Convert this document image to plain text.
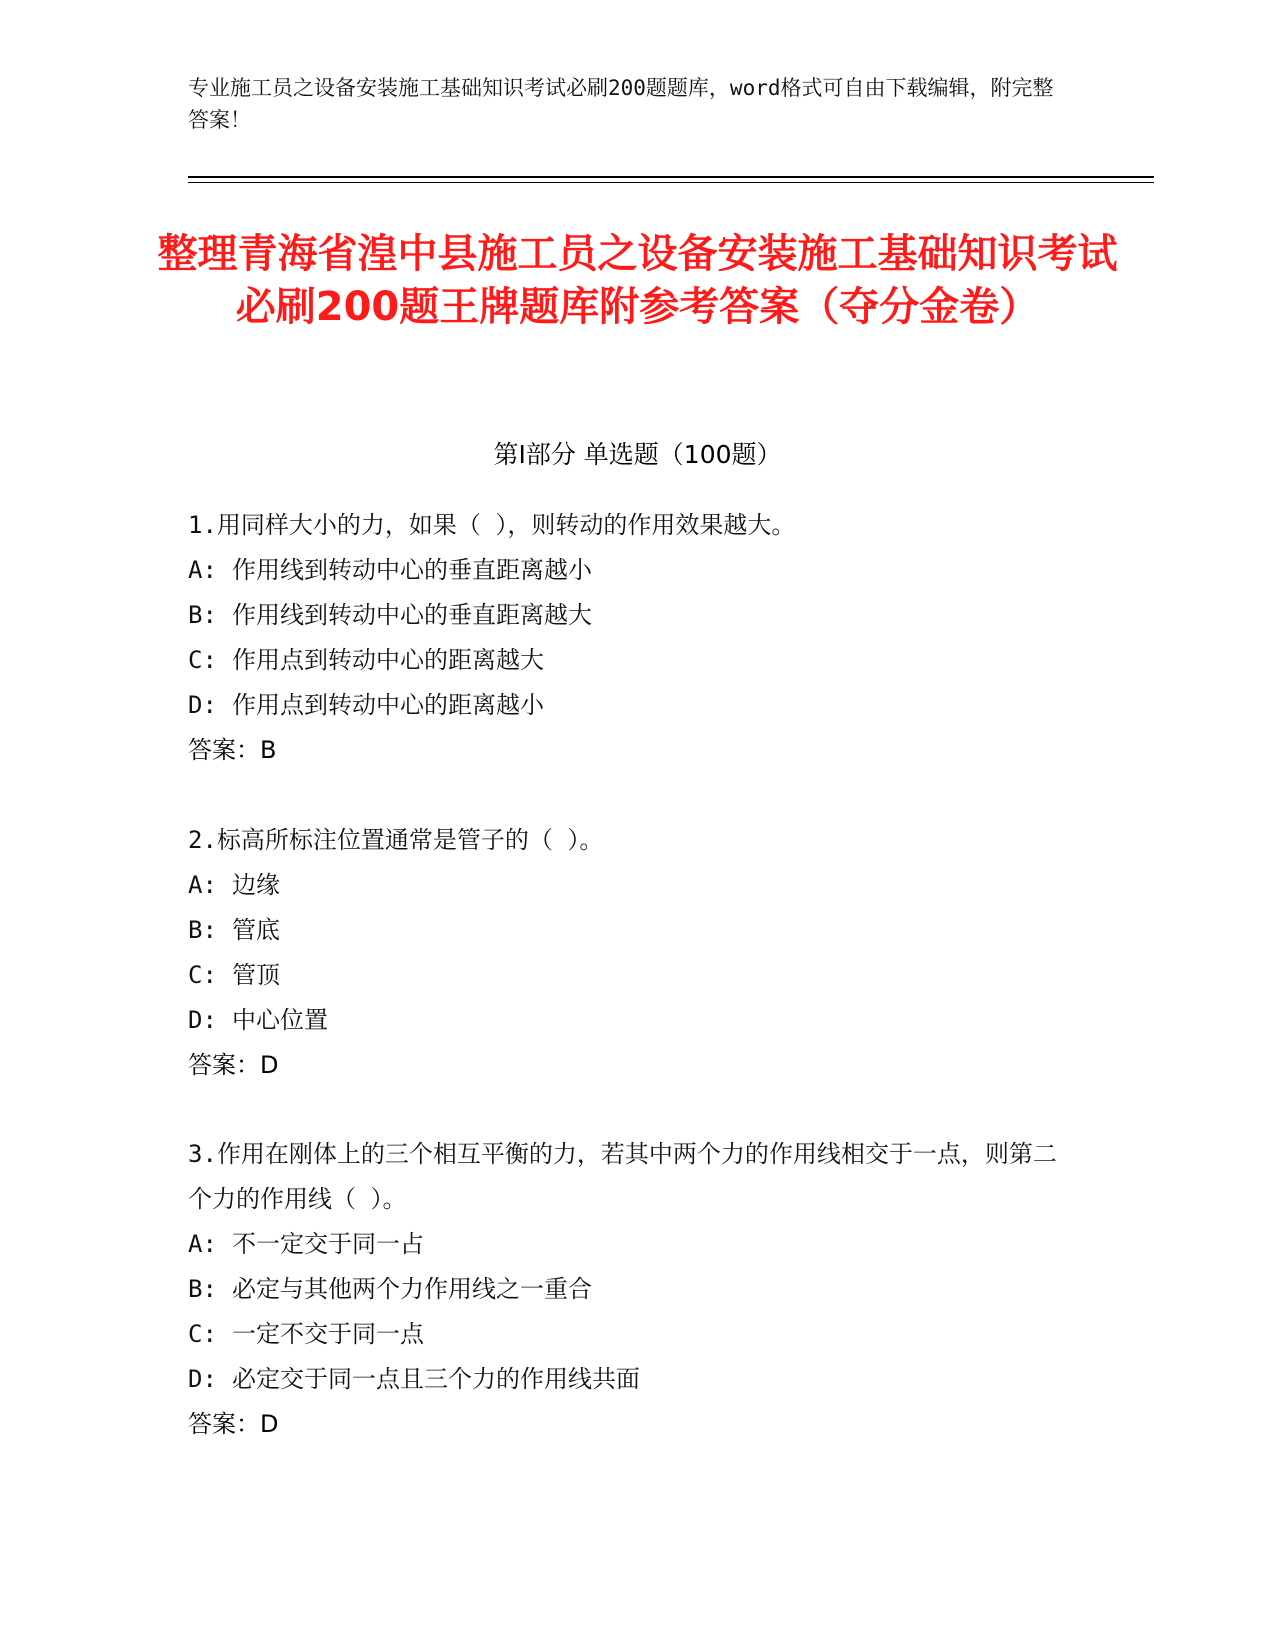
专业施工员之设备安装施工基础知识考试必刷200题题库，word格式可自由下载编辑，附完整答案！
整理青海省湟中县施工员之设备安装施工基础知识考试必刷200题王牌题库附参考答案（夺分金卷）
第Ⅰ部分 单选题（100题）
1.用同样大小的力，如果（ ），则转动的作用效果越大。
A: 作用线到转动中心的垂直距离越小
B: 作用线到转动中心的垂直距离越大
C: 作用点到转动中心的距离越大
D: 作用点到转动中心的距离越小
答案：B
2.标高所标注位置通常是管子的（ ）。
A: 边缘
B: 管底
C: 管顶
D: 中心位置
答案：D
3.作用在刚体上的三个相互平衡的力，若其中两个力的作用线相交于一点，则第二个力的作用线（ ）。
A: 不一定交于同一占
B: 必定与其他两个力作用线之一重合
C: 一定不交于同一点
D: 必定交于同一点且三个力的作用线共面
答案：D
